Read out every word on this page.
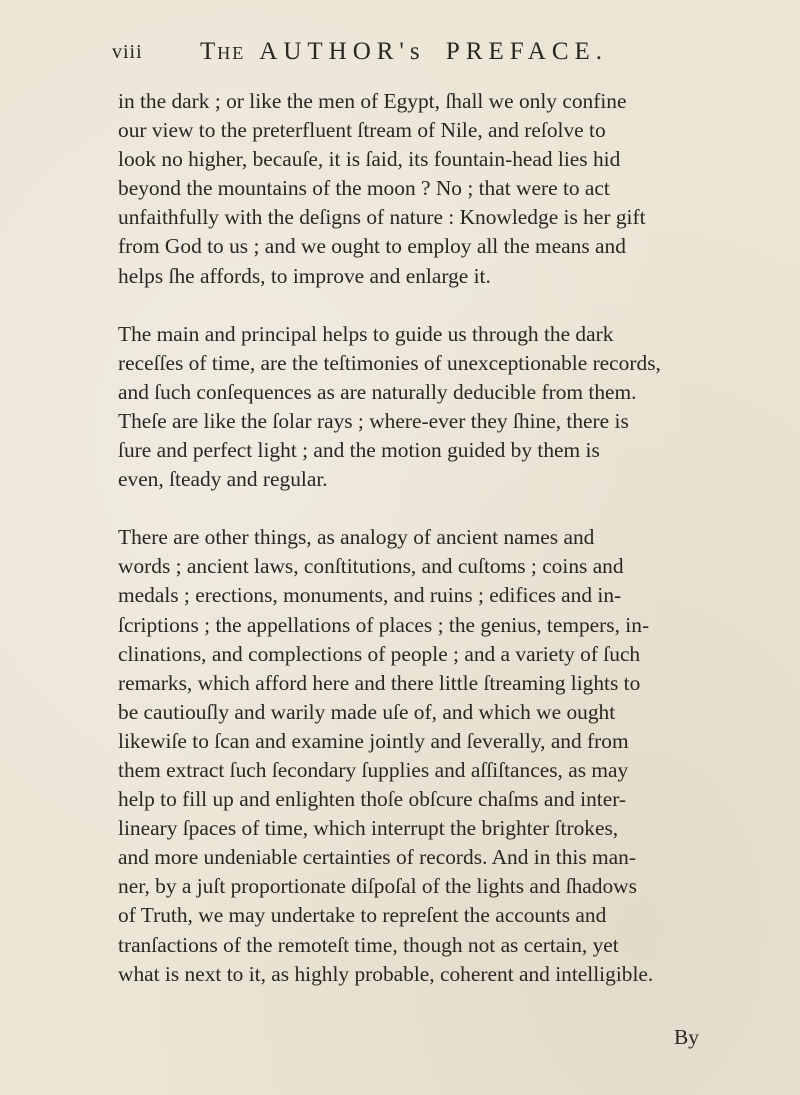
viii The AUTHOR's PREFACE.
in the dark ; or like the men of Egypt, ſhall we only confine
our view to the preterfluent ſtream of Nile, and reſolve to
look no higher, becauſe, it is ſaid, its fountain-head lies hid
beyond the mountains of the moon ? No ; that were to act
unfaithfully with the deſigns of nature : Knowledge is her gift
from God to us ; and we ought to employ all the means and
helps ſhe affords, to improve and enlarge it.
The main and principal helps to guide us through the dark
receſſes of time, are the teſtimonies of unexceptionable records,
and ſuch conſequences as are naturally deducible from them.
Theſe are like the ſolar rays ; where-ever they ſhine, there is
ſure and perfect light ; and the motion guided by them is
even, ſteady and regular.
There are other things, as analogy of ancient names and
words ; ancient laws, conſtitutions, and cuſtoms ; coins and
medals ; erections, monuments, and ruins ; edifices and in-
ſcriptions ; the appellations of places ; the genius, tempers, in-
clinations, and complections of people ; and a variety of ſuch
remarks, which afford here and there little ſtreaming lights to
be cautiouſly and warily made uſe of, and which we ought
likewiſe to ſcan and examine jointly and ſeverally, and from
them extract ſuch ſecondary ſupplies and aſſiſtances, as may
help to fill up and enlighten thoſe obſcure chaſms and inter-
lineary ſpaces of time, which interrupt the brighter ſtrokes,
and more undeniable certainties of records. And in this man-
ner, by a juſt proportionate diſpoſal of the lights and ſhadows
of Truth, we may undertake to repreſent the accounts and
tranſactions of the remoteſt time, though not as certain, yet
what is next to it, as highly probable, coherent and intelligible.
By
